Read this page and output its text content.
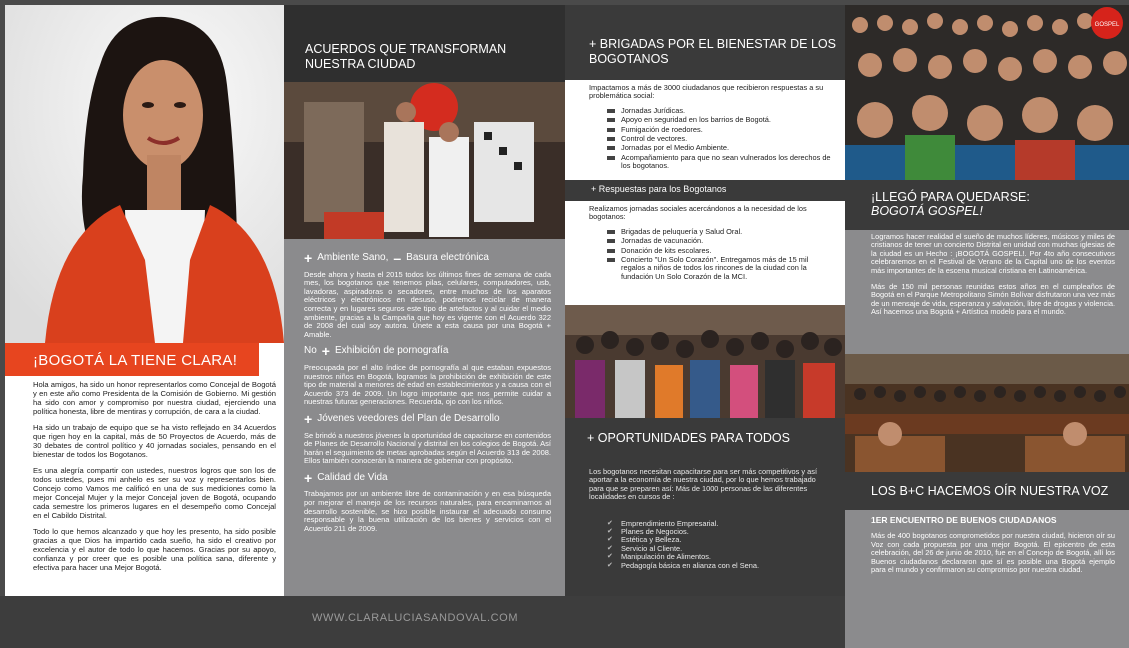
¡BOGOTÁ LA TIENE CLARA!

Hola amigos, ha sido un honor representarlos como Concejal de Bogotá y en este año como Presidenta de la Comisión de Gobierno. Mi gestión ha sido con amor y compromiso por nuestra ciudad, ejerciendo una política honesta, libre de mentiras y corrupción, de cara a la ciudad.

Ha sido un trabajo de equipo que se ha visto reflejado en 34 Acuerdos que rigen hoy en la capital, más de 50 Proyectos de Acuerdo, más de 30 debates de control político y 40 jornadas sociales, pensando en el bienestar de todos los Bogotanos.

Es una alegría compartir con ustedes, nuestros logros que son los de todos ustedes, pues mi anhelo es ser su voz y representarlos bien. Concejo como Vamos me calificó en una de sus mediciones como la mejor Concejal Mujer y la mejor Concejal joven de Bogotá, ocupando cada semestre los primeros lugares en el desempeño como Concejal en el Cabildo Distrital.

Todo lo que hemos alcanzado y que hoy les presento, ha sido posible gracias a que Dios ha impartido cada sueño, ha sido el creativo por excelencia y el autor de todo lo que hacemos. Gracias por su apoyo, confianza y por creer que es posible una política sana, diferente y efectiva para hacer una Mejor Bogotá.

ACUERDOS QUE TRANSFORMAN
NUESTRA CIUDAD
+ Ambiente Sano, – Basura electrónica

Desde ahora y hasta el 2015 todos los últimos fines de semana de cada mes, los bogotanos que tenemos pilas, celulares, computadores, usb, lavadoras, aspiradoras o secadores, entre muchos de los aparatos eléctricos y electrónicos en desuso, podremos reciclar de manera correcta y en lugares seguros este tipo de artefactos y al cuidar el medio ambiente, gracias a la Campaña que hoy es vigente con el Acuerdo 322 de 2008 del cual soy autora. Únete a esta causa por una Bogotá + Amable.

No + Exhibición de pornografía

Preocupada por el alto índice de pornografía al que estaban expuestos nuestros niños en Bogotá, logramos la prohibición de exhibición de este tipo de material a menores de edad en establecimientos y a causa con el Acuerdo 373 de 2009. Un logro importante que nos permite cuidar a nuestras futuras generaciones. Recuerda, ojo con los niños.

+ Jóvenes veedores del Plan de Desarrollo

Se brindó a nuestros jóvenes la oportunidad de capacitarse en contenidos de Planes de Desarrollo Nacional y distrital en los colegios de Bogotá. Así harán el seguimiento de metas aprobadas según el Acuerdo 313 de 2008. Ellos también conocerán la manera de gobernar con propósito.

+ Calidad de Vida

Trabajamos por un ambiente libre de contaminación y en esa búsqueda por mejorar el manejo de los recursos naturales, para encaminarnos al desarrollo sostenible, se hizo posible instaurar el adecuado consumo responsable y la buena utilización de los bienes y servicios con el Acuerdo 211 de 2009.

+ BRIGADAS POR EL BIENESTAR DE LOS
BOGOTANOS
Impactamos a más de 3000 ciudadanos que recibieron respuestas a su problemática social:
Jornadas Jurídicas.
Apoyo en seguridad en los barrios de Bogotá.
Fumigación de roedores.
Control de vectores.
Jornadas por el Medio Ambiente.
Acompañamiento para que no sean vulnerados los derechos de los bogotanos.
+ Respuestas para los Bogotanos
Realizamos jornadas sociales acercándonos a la necesidad de los bogotanos:
Brigadas de peluquería y Salud Oral.
Jornadas de vacunación.
Donación de kits escolares.
Concierto "Un Solo Corazón". Entregamos más de 15 mil regalos a niños de todos los rincones de la ciudad con la fundación Un Solo Corazón de la MCI.
+ OPORTUNIDADES PARA TODOS
Los bogotanos necesitan capacitarse para ser más competitivos y así aportar a la economía de nuestra ciudad, por lo que hemos trabajado para que se preparen así: Más de 1000 personas de las diferentes localidades en cursos de :
✔ Emprendimiento Empresarial.
✔ Planes de Negocios.
✔ Estética y Belleza.
✔ Servicio al Cliente.
✔ Manipulación de Alimentos.
✔ Pedagogía básica en alianza con el Sena.
GOSPEL
¡LLEGÓ PARA QUEDARSE:
BOGOTÁ GOSPEL!

Logramos hacer realidad el sueño de muchos líderes, músicos y miles de cristianos de tener un concierto Distrital en unidad con muchas iglesias de la ciudad es un Hecho : ¡BOGOTÁ GOSPEL!. Por 4to año consecutivos celebraremos en el Festival de Verano de la Capital uno de los eventos más importantes de la escena musical cristiana en Latinoamérica.

Más de 150 mil personas reunidas estos años en el cumpleaños de Bogotá en el Parque Metropolitano Simón Bolívar disfrutaron una vez más de un mensaje de vida, esperanza y salvación, libre de drogas y violencia. Así hacemos una Bogotá + Artística modelo para el mundo.

LOS B+C HACEMOS OÍR NUESTRA VOZ
1ER ENCUENTRO DE BUENOS CIUDADANOS
Más de 400 bogotanos comprometidos por nuestra ciudad, hicieron oír su Voz con cada propuesta por una mejor Bogotá. El epicentro de esta celebración, del 26 de junio de 2010, fue en el Concejo de Bogotá, allí los Buenos ciudadanos declararon que sí es posible una Bogotá ejemplo para el mundo y confirmaron su compromiso por nuestra ciudad.
WWW.CLARALUCIASANDOVAL.COM
